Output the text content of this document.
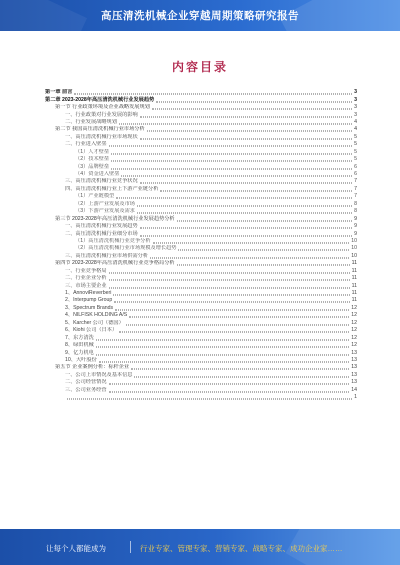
高压清洗机械企业穿越周期策略研究报告
内容目录
第一章 前言	3
第二章 2023-2028年高压清洗机械行业发展趋势	3
第一节 行业政策环境及企业战略发展规划	3
一、行业政策对行业发展的影响	3
二、行业发展战略规划	4
第二节 我国高压清洗机械行业市场分析	4
一、高压清洗机械行业市场现状	5
二、行业进入壁垒	5
（1）人才壁垒	5
（2）技术壁垒	5
（3）品牌壁垒	6
（4）资金进入壁垒	6
三、高压清洗机械行业竞争状况	7
四、高压清洗机械行业上下游产业链分析	7
（1）产业链模型	7
（2）上游产业发展及市场	8
（3）下游产业发展及需求	8
第三节 2023-2028年高压清洗机械行业发展趋势分析	9
一、高压清洗机械行业发展趋势	9
二、高压清洗机械行业细分市场	9
（1）高压清洗机械行业竞争分析	10
（2）高压清洗机械行业市场规模及增长趋势	10
三、高压清洗机械行业市场供需分析	10
第四节 2023-2028年高压清洗机械行业竞争格局分析	11
一、行业竞争格局	11
二、行业企业分析	11
三、市场主要企业	11
1、AnnoviReverberi	11
2、Interpump Group	11
3、Spectrum Brands	12
4、NILFISK HOLDING A/S	12
5、Karcher 公司（德国）	12
6、Kiohi 公司（日本）	12
7、东方清洗	12
8、绿田机械	12
9、亿力机电	13
10、大叶股份	13
第五节 企业案例分析：标杆企业	13
一、公司上市情况及基本信息	13
二、公司经营情况	13
三、公司业务经营	14
1
让每个人都能成为	行业专家、管理专家、营销专家、战略专家、成功企业家……
